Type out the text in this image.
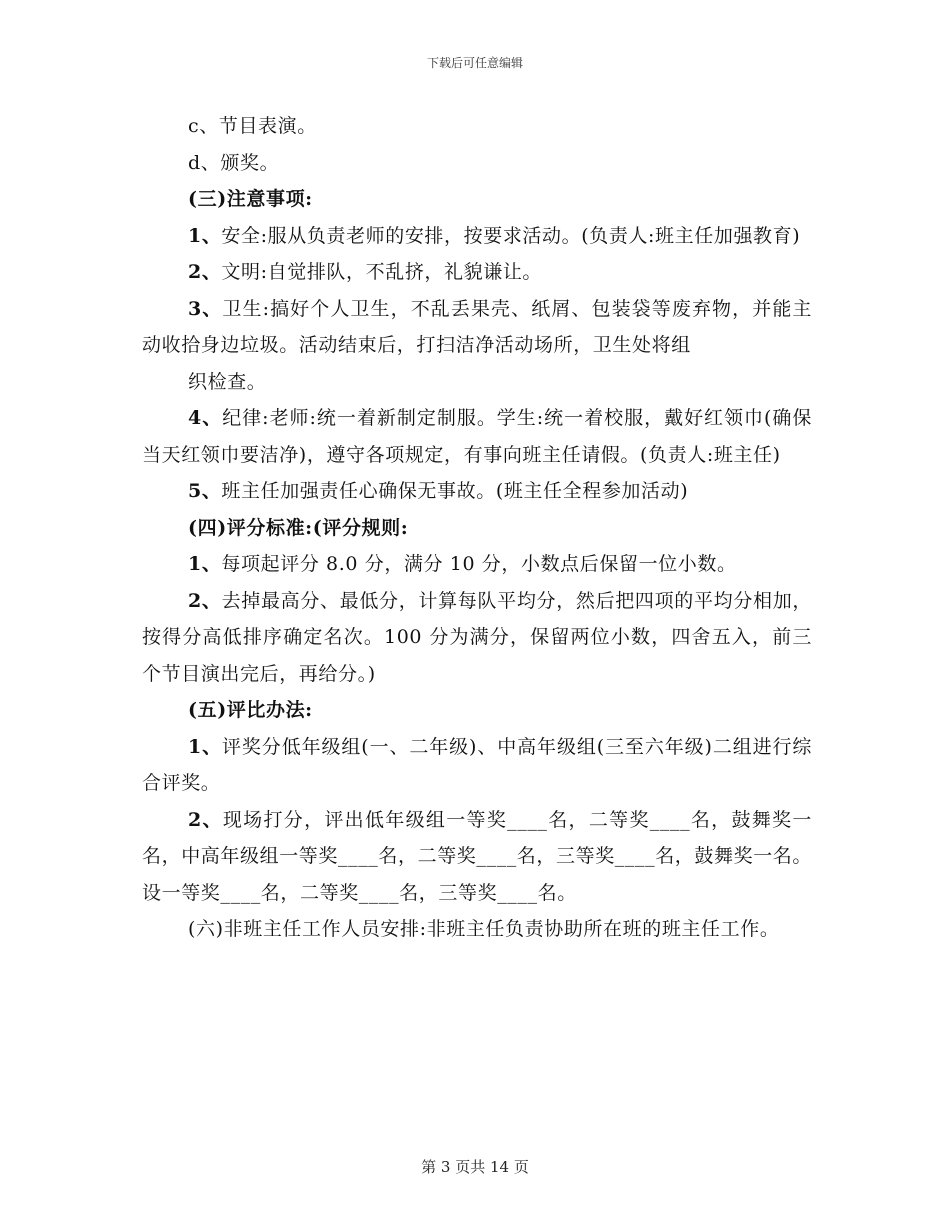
下载后可任意编辑

c、节目表演。

d、颁奖。

(三)注意事项:

1、安全:服从负责老师的安排，按要求活动。(负责人:班主任加强教育)

2、文明:自觉排队，不乱挤，礼貌谦让。

3、卫生:搞好个人卫生，不乱丢果壳、纸屑、包装袋等废弃物，并能主动收拾身边垃圾。活动结束后，打扫洁净活动场所，卫生处将组

织检查。

4、纪律:老师:统一着新制定制服。学生:统一着校服，戴好红领巾(确保当天红领巾要洁净)，遵守各项规定，有事向班主任请假。(负责人:班主任)

5、班主任加强责任心确保无事故。(班主任全程参加活动)

(四)评分标准:(评分规则:

1、每项起评分 8.0 分，满分 10 分，小数点后保留一位小数。

2、去掉最高分、最低分，计算每队平均分，然后把四项的平均分相加，按得分高低排序确定名次。100 分为满分，保留两位小数，四舍五入，前三个节目演出完后，再给分。)

(五)评比办法:

1、评奖分低年级组(一、二年级)、中高年级组(三至六年级)二组进行综合评奖。

2、现场打分，评出低年级组一等奖____名，二等奖____名，鼓舞奖一名，中高年级组一等奖____名，二等奖____名，三等奖____名，鼓舞奖一名。设一等奖____名，二等奖____名，三等奖____名。

(六)非班主任工作人员安排:非班主任负责协助所在班的班主任工作。

第 3 页共 14 页
